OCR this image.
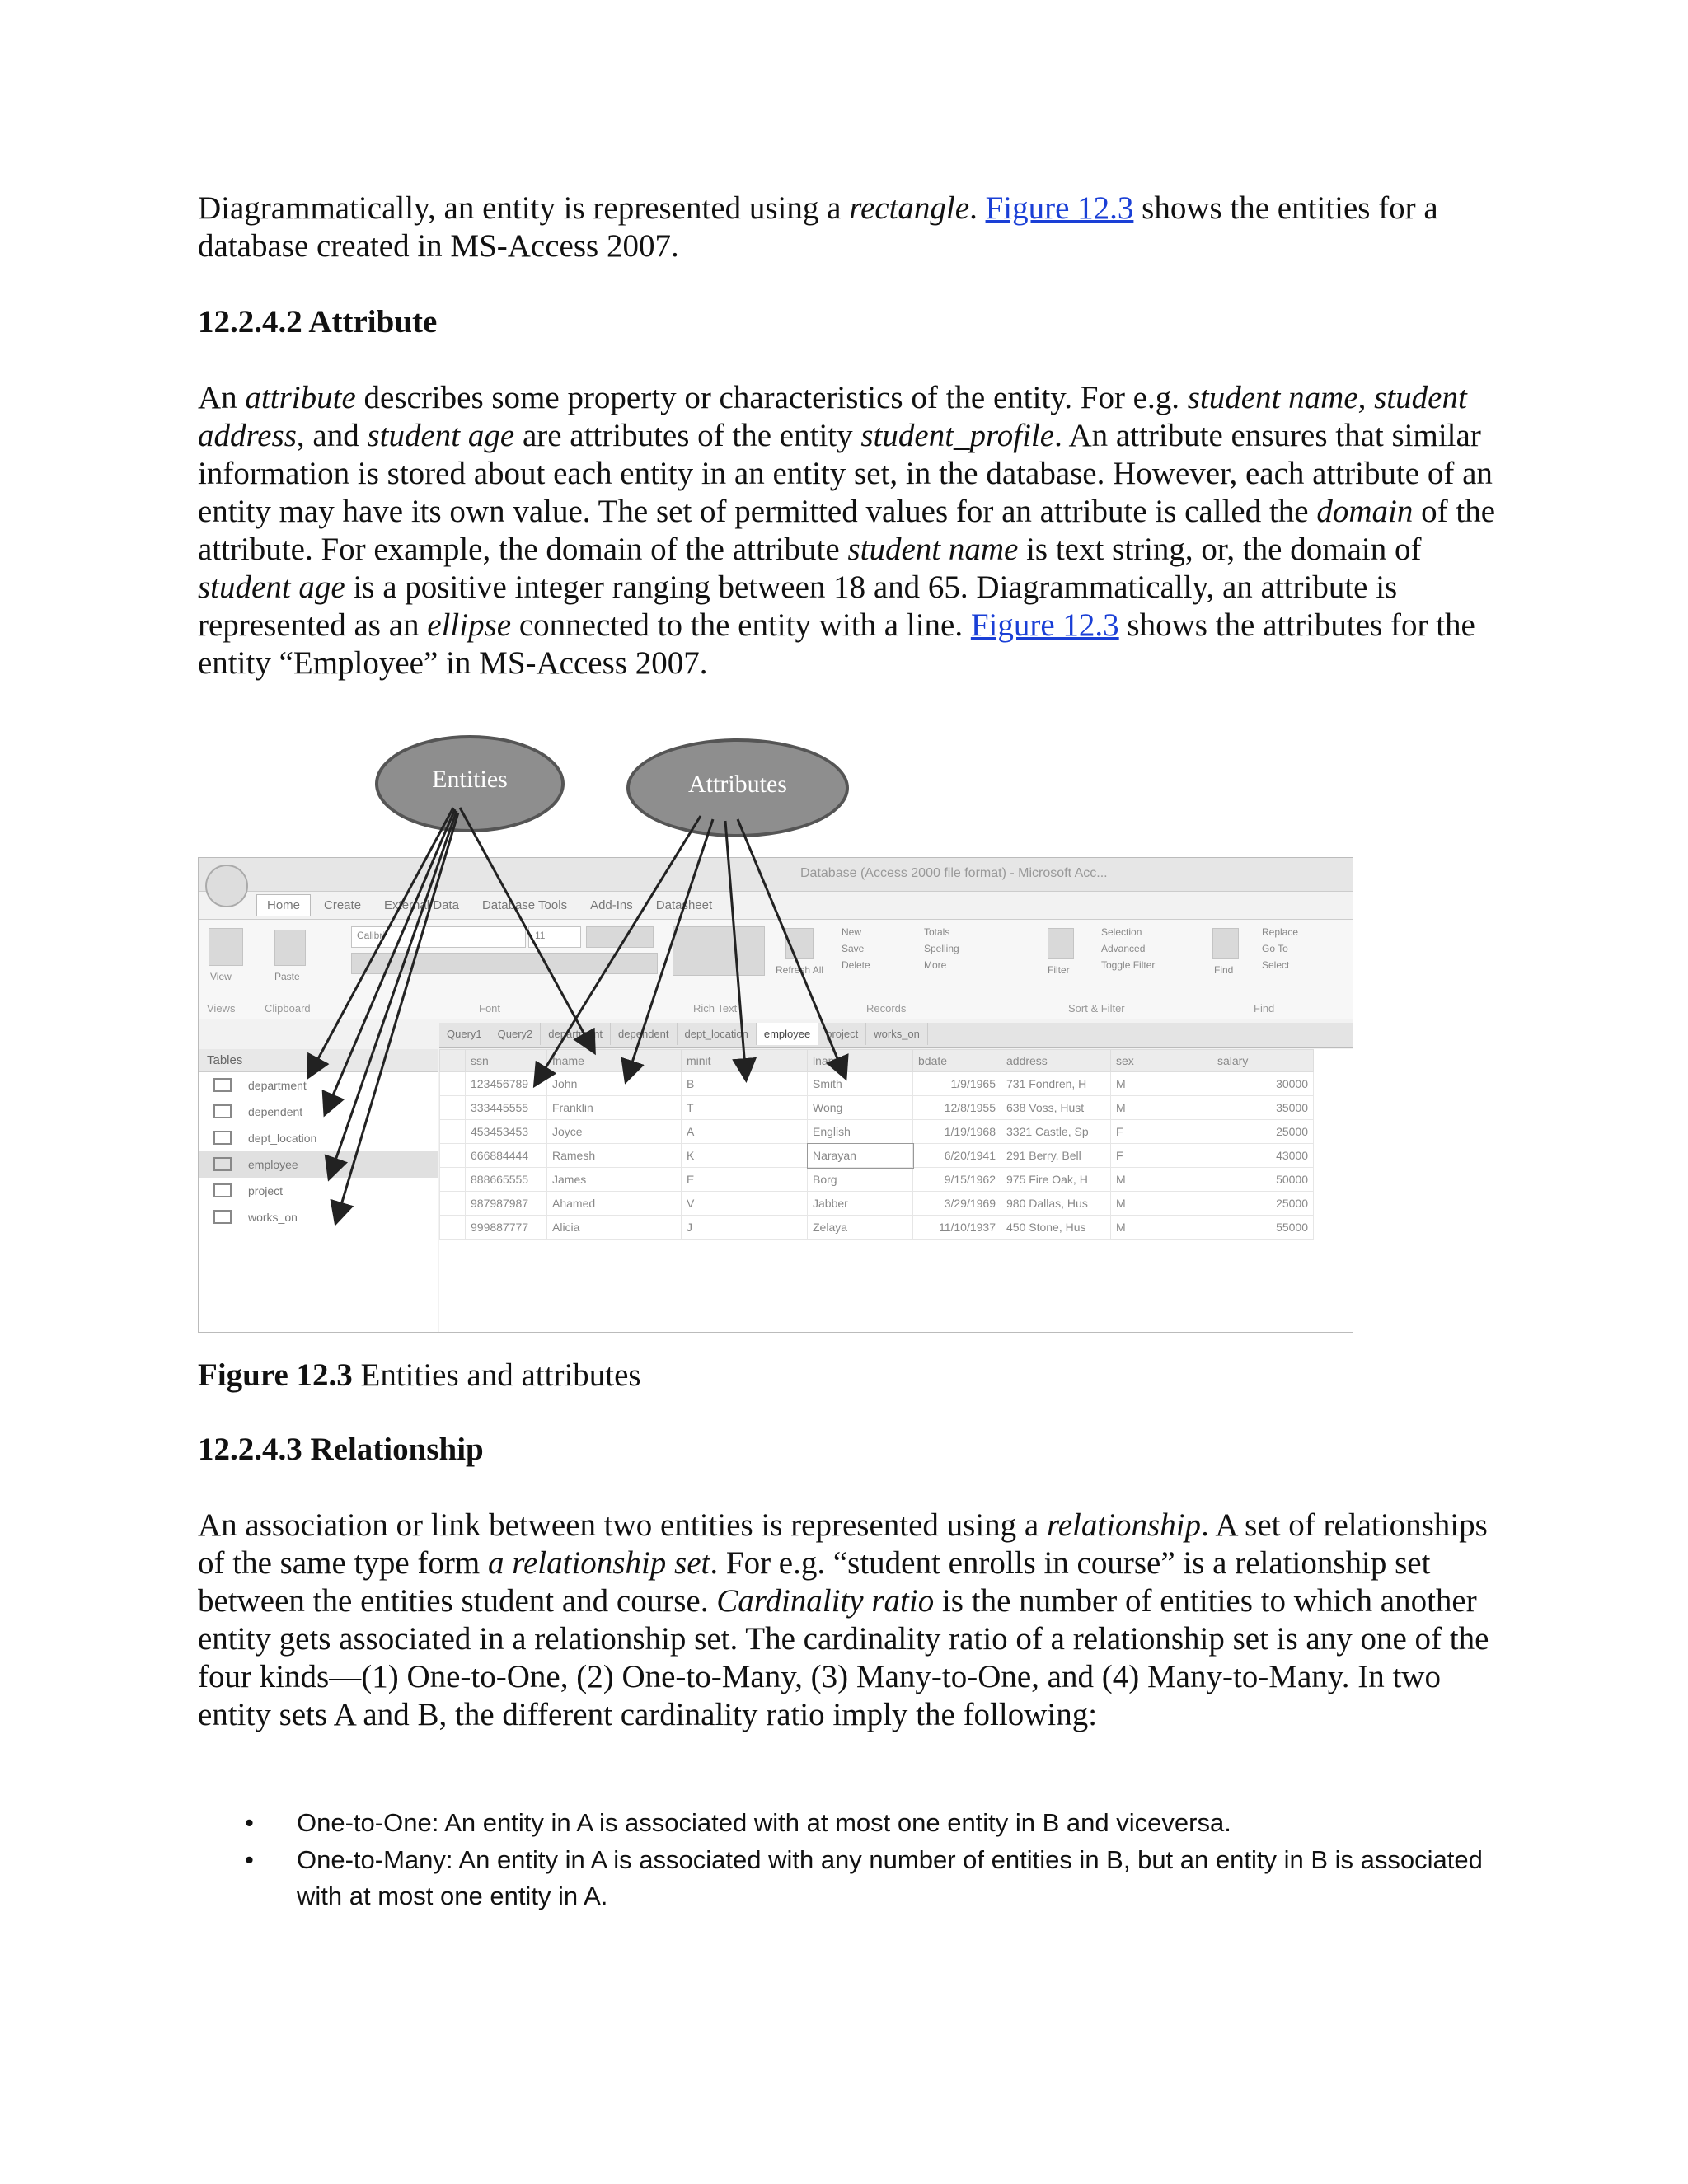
Diagrammatically, an entity is represented using a rectangle. Figure 12.3 shows the entities for a database created in MS-Access 2007.

12.2.4.2 Attribute

An attribute describes some property or characteristics of the entity. For e.g. student name, student address, and student age are attributes of the entity student_profile. An attribute ensures that similar information is stored about each entity in an entity set, in the database. However, each attribute of an entity may have its own value. The set of permitted values for an attribute is called the domain of the attribute. For example, the domain of the attribute student name is text string, or, the domain of student age is a positive integer ranging between 18 and 65. Diagrammatically, an attribute is represented as an ellipse connected to the entity with a line. Figure 12.3 shows the attributes for the entity “Employee” in MS-Access 2007.

Entities	Attributes
Database (Access 2000 file format) - Microsoft Acc...
Home Create External Data Database Tools Add-Ins Datasheet
View	Paste
Calibri	11
Refresh All
New
Save
Delete
Totals
Spelling
More	Filter
Selection
Advanced
Toggle Filter	Find
Replace
Go To
Select
Views	Clipboard	Font	Rich Text	Records	Sort & Filter	Find
Query1 Query2 department dependent dept_location employee project works_on
Tables
department
dependent
dept_location
employee
project
works_on
	ssn	fname	minit	lname	bdate	address	sex	salary
	123456789	John	B	Smith	1/9/1965	731 Fondren, H	M	30000
	333445555	Franklin	T	Wong	12/8/1955	638 Voss, Hust	M	35000
	453453453	Joyce	A	English	1/19/1968	3321 Castle, Sp	F	25000
	666884444	Ramesh	K	Narayan	6/20/1941	291 Berry, Bell	F	43000
	888665555	James	E	Borg	9/15/1962	975 Fire Oak, H	M	50000
	987987987	Ahamed	V	Jabber	3/29/1969	980 Dallas, Hus	M	25000
	999887777	Alicia	J	Zelaya	11/10/1937	450 Stone, Hus	M	55000

Figure 12.3 Entities and attributes

12.2.4.3 Relationship

An association or link between two entities is represented using a relationship. A set of relationships of the same type form a relationship set. For e.g. “student enrolls in course” is a relationship set between the entities student and course. Cardinality ratio is the number of entities to which another entity gets associated in a relationship set. The cardinality ratio of a relationship set is any one of the four kinds—(1) One-to-One, (2) One-to-Many, (3) Many-to-One, and (4) Many-to-Many. In two entity sets A and B, the different cardinality ratio imply the following:

• One-to-One: An entity in A is associated with at most one entity in B and viceversa.
• One-to-Many: An entity in A is associated with any number of entities in B, but an entity in B is associated with at most one entity in A.
